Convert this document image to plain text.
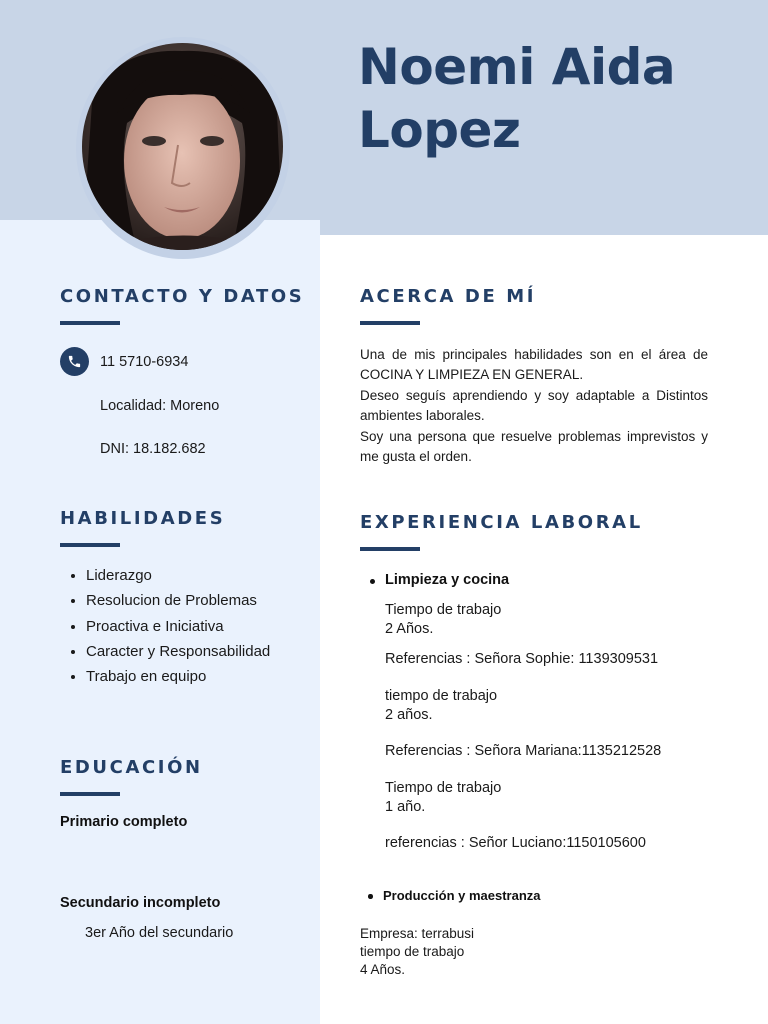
Noemi Aida
Lopez
CONTACTO Y DATOS
11 5710-6934
Localidad: Moreno
DNI: 18.182.682
HABILIDADES
• Liderazgo
• Resolucion de Problemas
• Proactiva e Iniciativa
• Caracter y Responsabilidad
• Trabajo en equipo
EDUCACIÓN
Primario completo
Secundario incompleto
3er Año del secundario
ACERCA DE MÍ

Una de mis principales habilidades son en el área de COCINA Y LIMPIEZA EN GENERAL.

Deseo seguís aprendiendo y soy adaptable a Distintos ambientes laborales.

Soy una persona que resuelve problemas imprevistos y me gusta el orden.

EXPERIENCIA LABORAL
Limpieza y cocina
Tiempo de trabajo
2 Años.
Referencias : Señora Sophie: 1139309531
tiempo de trabajo
2 años.
Referencias : Señora Mariana:1135212528
Tiempo de trabajo
1 año.
referencias : Señor Luciano:1150105600
Producción y maestranza
Empresa: terrabusi
tiempo de trabajo
4 Años.
